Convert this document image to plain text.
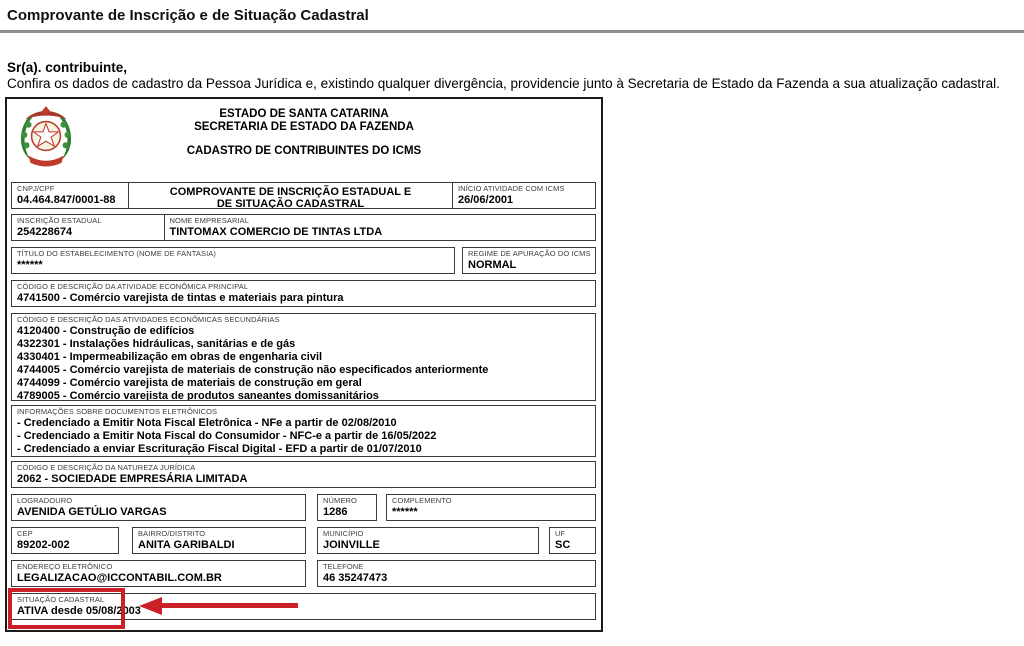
Comprovante de Inscrição e de Situação Cadastral
Sr(a). contribuinte,
Confira os dados de cadastro da Pessoa Jurídica e, existindo qualquer divergência, providencie junto à Secretaria de Estado da Fazenda a sua atualização cadastral.
ESTADO DE SANTA CATARINA
SECRETARIA DE ESTADO DA FAZENDA
CADASTRO DE CONTRIBUINTES DO ICMS
CNPJ/CPF
04.464.847/0001-88
COMPROVANTE DE INSCRIÇÃO ESTADUAL E
DE SITUAÇÃO CADASTRAL
INÍCIO ATIVIDADE COM ICMS
26/06/2001
INSCRIÇÃO ESTADUAL
254228674
NOME EMPRESARIAL
TINTOMAX COMERCIO DE TINTAS LTDA
TÍTULO DO ESTABELECIMENTO (NOME DE FANTASIA)
******
REGIME DE APURAÇÃO DO ICMS
NORMAL
CÓDIGO E DESCRIÇÃO DA ATIVIDADE ECONÔMICA PRINCIPAL
4741500 - Comércio varejista de tintas e materiais para pintura
CÓDIGO E DESCRIÇÃO DAS ATIVIDADES ECONÔMICAS SECUNDÁRIAS
4120400 - Construção de edifícios
4322301 - Instalações hidráulicas, sanitárias e de gás
4330401 - Impermeabilização em obras de engenharia civil
4744005 - Comércio varejista de materiais de construção não especificados anteriormente
4744099 - Comércio varejista de materiais de construção em geral
4789005 - Comércio varejista de produtos saneantes domissanitários
INFORMAÇÕES SOBRE DOCUMENTOS ELETRÔNICOS
- Credenciado a Emitir Nota Fiscal Eletrônica - NFe a partir de 02/08/2010
- Credenciado a Emitir Nota Fiscal do Consumidor - NFC-e a partir de 16/05/2022
- Credenciado a enviar Escrituração Fiscal Digital - EFD a partir de 01/07/2010
CÓDIGO E DESCRIÇÃO DA NATUREZA JURÍDICA
2062 - SOCIEDADE EMPRESÁRIA LIMITADA
LOGRADOURO
AVENIDA GETÚLIO VARGAS
NÚMERO
1286
COMPLEMENTO
******
CEP
89202-002
BAIRRO/DISTRITO
ANITA GARIBALDI
MUNICÍPIO
JOINVILLE
UF
SC
ENDEREÇO ELETRÔNICO
LEGALIZACAO@ICCONTABIL.COM.BR
TELEFONE
46 35247473
SITUAÇÃO CADASTRAL
ATIVA desde 05/08/2003
